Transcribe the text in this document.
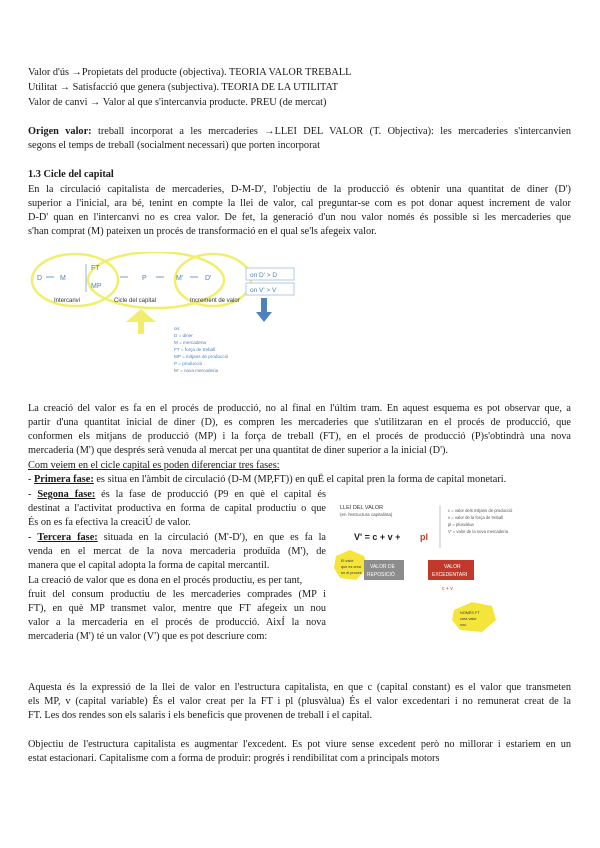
Valor d'ús →Propietats del producte (objectiva). TEORIA VALOR TREBALL
Utilitat → Satisfacció que genera (subjectiva). TEORIA DE LA UTILITAT
Valor de canvi → Valor al que s'intercanvia producte. PREU (de mercat)
Origen valor: treball incorporat a les mercaderies →LLEI DEL VALOR (T. Objectiva): les mercaderies s'intercanvien
segons el temps de treball (socialment necessari) que porten incorporat
1.3 Cicle del capital
En la circulació capitalista de mercaderies, D-M-D', l'objectiu de la producció és obtenir una quantitat de diner (D')
superior a l'inicial, ara bé, tenint en compte la llei de valor, cal preguntar-se com es pot donar aquest increment de valor
D-D' quan en l'intercanvi no es crea valor. De fet, la generació d'un nou valor només és possible si les mercaderies que
s'han comprat (M) pateixen un procés de transformació en el qual se'ls afegeix valor.
D	M
FT
MP
P	M'	D'
Intercanvi	Cicle del capital	Increment de valor
on D' > D
on V' > V
on:
D = diner
M = mercaderia
FT = força de treball
MP = mitjans de producció
P = producció
M' = nova mercaderia
La creació del valor es fa en el procés de producció, no al final en l'últim tram. En aquest esquema es pot observar que, a
partir d'una quantitat inicial de diner (D), es compren les mercaderies que s'utilitzaran en el procés de producció, que
conformen els mitjans de producció (MP) i la força de treball (FT), en el procés de producció (P)s'obtindrà una nova
mercaderia (M') que després serà venuda al mercat per una quantitat de diner superior a la inicial (D').
Com veiem en el cicle capital es poden diferenciar tres fases:
- Primera fase: es situa en l'àmbit de circulació (D-M (MP,FT)) en quË el capital pren la forma de capital monetari.
- Segona fase: és la fase de producció (P9 en què el capital és
destinat a l'activitat productiva en forma de capital productiu o que
És on es fa efectiva la creaciÚ de valor.
- Tercera fase: situada en la circulació (M'-D'), en que es fa la
venda en el mercat de la nova mercaderia produïda (M'), de
manera que el capital adopta la forma de capital mercantil.
La creació de valor que es dona en el procés productiu, es per tant,
fruit del consum productiu de les mercaderies comprades (MP i
FT), en què MP transmet valor, mentre que FT afegeix un nou
valor a la mercaderia en el procés de producció. AixÍ la nova
mercaderia (M') té un valor (V') que es pot descriure com:
LLEI DEL VALOR
(en l'estructura capitalista)
V' = c + v + pl
c = valor dels mitjans de producció
v = valor de la força de treball
pl = plusvàlua
V' = valor de la nova mercaderia
El valor
que es crea
en el procés
VALOR DE
REPOSICIÓ
VALOR
EXCEDENTARI
c + v
NOMÉS FT
crea valor
nou
Aquesta és la expressió de la llei de valor en l'estructura capitalista, en que c (capital constant) es el valor que transmeten
els MP, v (capital variable) És el valor creat per la FT i pl (plusvàlua) És el valor excedentari i no remunerat creat de la
FT. Les dos rendes son els salaris i els beneficis que provenen de treball i el capital.
Objectiu de l'estructura capitalista es augmentar l'excedent. Es pot viure sense excedent però no millorar i estariem en un
estat estacionari. Capitalisme com a forma de produir: progrés i rendibilitat com a principals motors
